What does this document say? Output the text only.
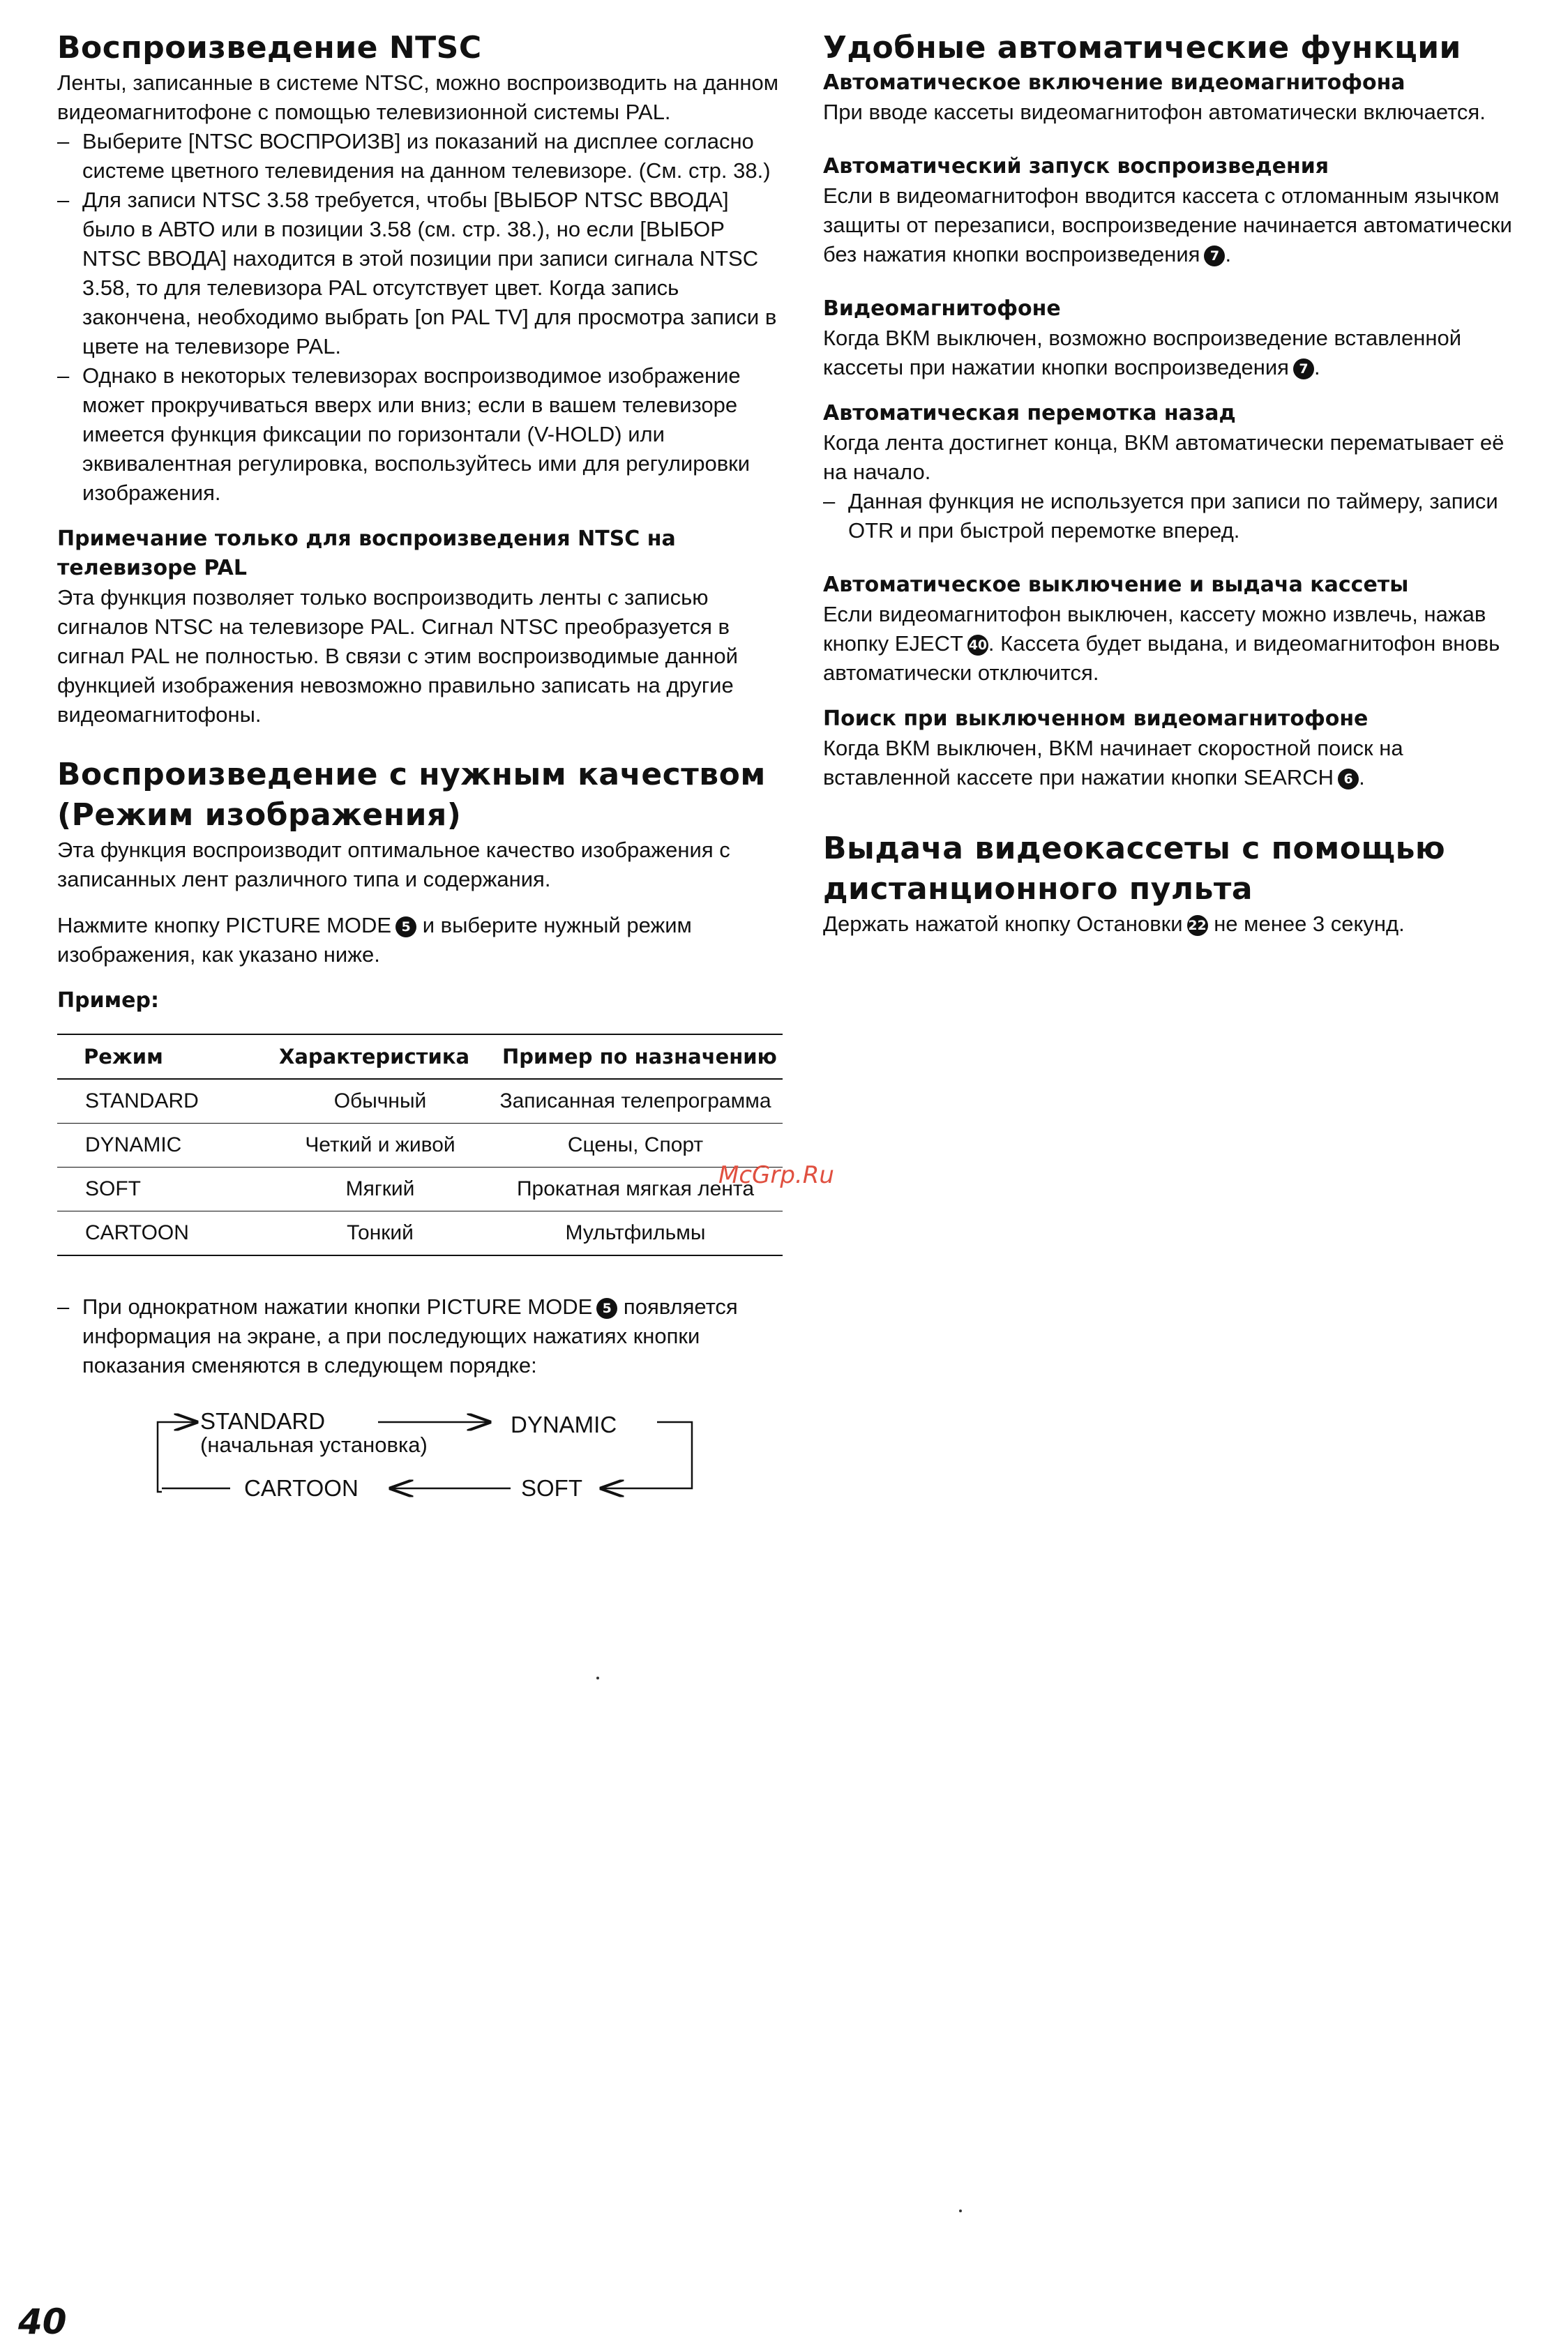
Воспроизведение NTSC

Ленты, записанные в системе NTSC, можно воспроизводить на данном видеомагнитофоне с помощью телевизионной системы PAL.

– Выберите [NTSC ВОСПРОИЗВ] из показаний на дисплее согласно системе цветного телевидения на данном телевизоре. (См. стр. 38.)
– Для записи NTSC 3.58 требуется, чтобы [ВЫБОР NTSC ВВОДА] было в АВТО или в позиции 3.58 (см. стр. 38.), но если [ВЫБОР NTSC ВВОДА] находится в этой позиции при записи сигнала NTSC 3.58, то для телевизора PAL отсутствует цвет. Когда запись закончена, необходимо выбрать [on PAL TV] для просмотра записи в цвете на телевизоре PAL.
– Однако в некоторых телевизорах воспроизводимое изображение может прокручиваться вверх или вниз; если в вашем телевизоре имеется функция фиксации по горизонтали (V-HOLD) или эквивалентная регулировка, воспользуйтесь ими для регулировки изображения.
Примечание только для воспроизведения NTSC на телевизоре PAL

Эта функция позволяет только воспроизводить ленты с записью сигналов NTSC на телевизоре PAL. Сигнал NTSC преобразуется в сигнал PAL не полностью. В связи с этим воспроизводимые данной функцией изображения невозможно правильно записать на другие видеомагнитофоны.

Воспроизведение с нужным качеством
(Режим изображения)

Эта функция воспроизводит оптимальное качество изображения с записанных лент различного типа и содержания.

Нажмите кнопку PICTURE MODE 5 и выберите нужный режим изображения, как указано ниже.

Пример:
Режим	Характеристика	Пример по назначению
STANDARD	Обычный	Записанная телепрограмма
DYNAMIC	Четкий и живой	Сцены, Спорт
SOFT	Мягкий	Прокатная мягкая лента
CARTOON	Тонкий	Мультфильмы
– При однократном нажатии кнопки PICTURE MODE 5 появляется информация на экране, а при последующих нажатиях кнопки показания сменяются в следующем порядке:
STANDARD
(начальная установка)
DYNAMIC
SOFT
CARTOON
Удобные автоматические функции
Автоматическое включение видеомагнитофона

При вводе кассеты видеомагнитофон автоматически включается.

Автоматический запуск воспроизведения

Если в видеомагнитофон вводится кассета с отломанным язычком защиты от перезаписи, воспроизведение начинается автоматически без нажатия кнопки воспроизведения 7 .

Видеомагнитофоне

Когда ВКМ выключен, возможно воспроизведение вставленной кассеты при нажатии кнопки воспроизведения 7 .

Автоматическая перемотка назад

Когда лента достигнет конца, ВКМ автоматически перематывает её на начало.

– Данная функция не используется при записи по таймеру, записи OTR и при быстрой перемотке вперед.
Автоматическое выключение и выдача кассеты

Если видеомагнитофон выключен, кассету можно извлечь, нажав кнопку EJECT 40. Кассета будет выдана, и видеомагнитофон вновь автоматически отключится.

Поиск при выключенном видеомагнитофоне

Когда ВКМ выключен, ВКМ начинает скоростной поиск на вставленной кассете при нажатии кнопки SEARCH 6 .

Выдача видеокассеты с помощью
дистанционного пульта

Держать нажатой кнопку Остановки 22 не менее 3 секунд.

McGrp.Ru
40
